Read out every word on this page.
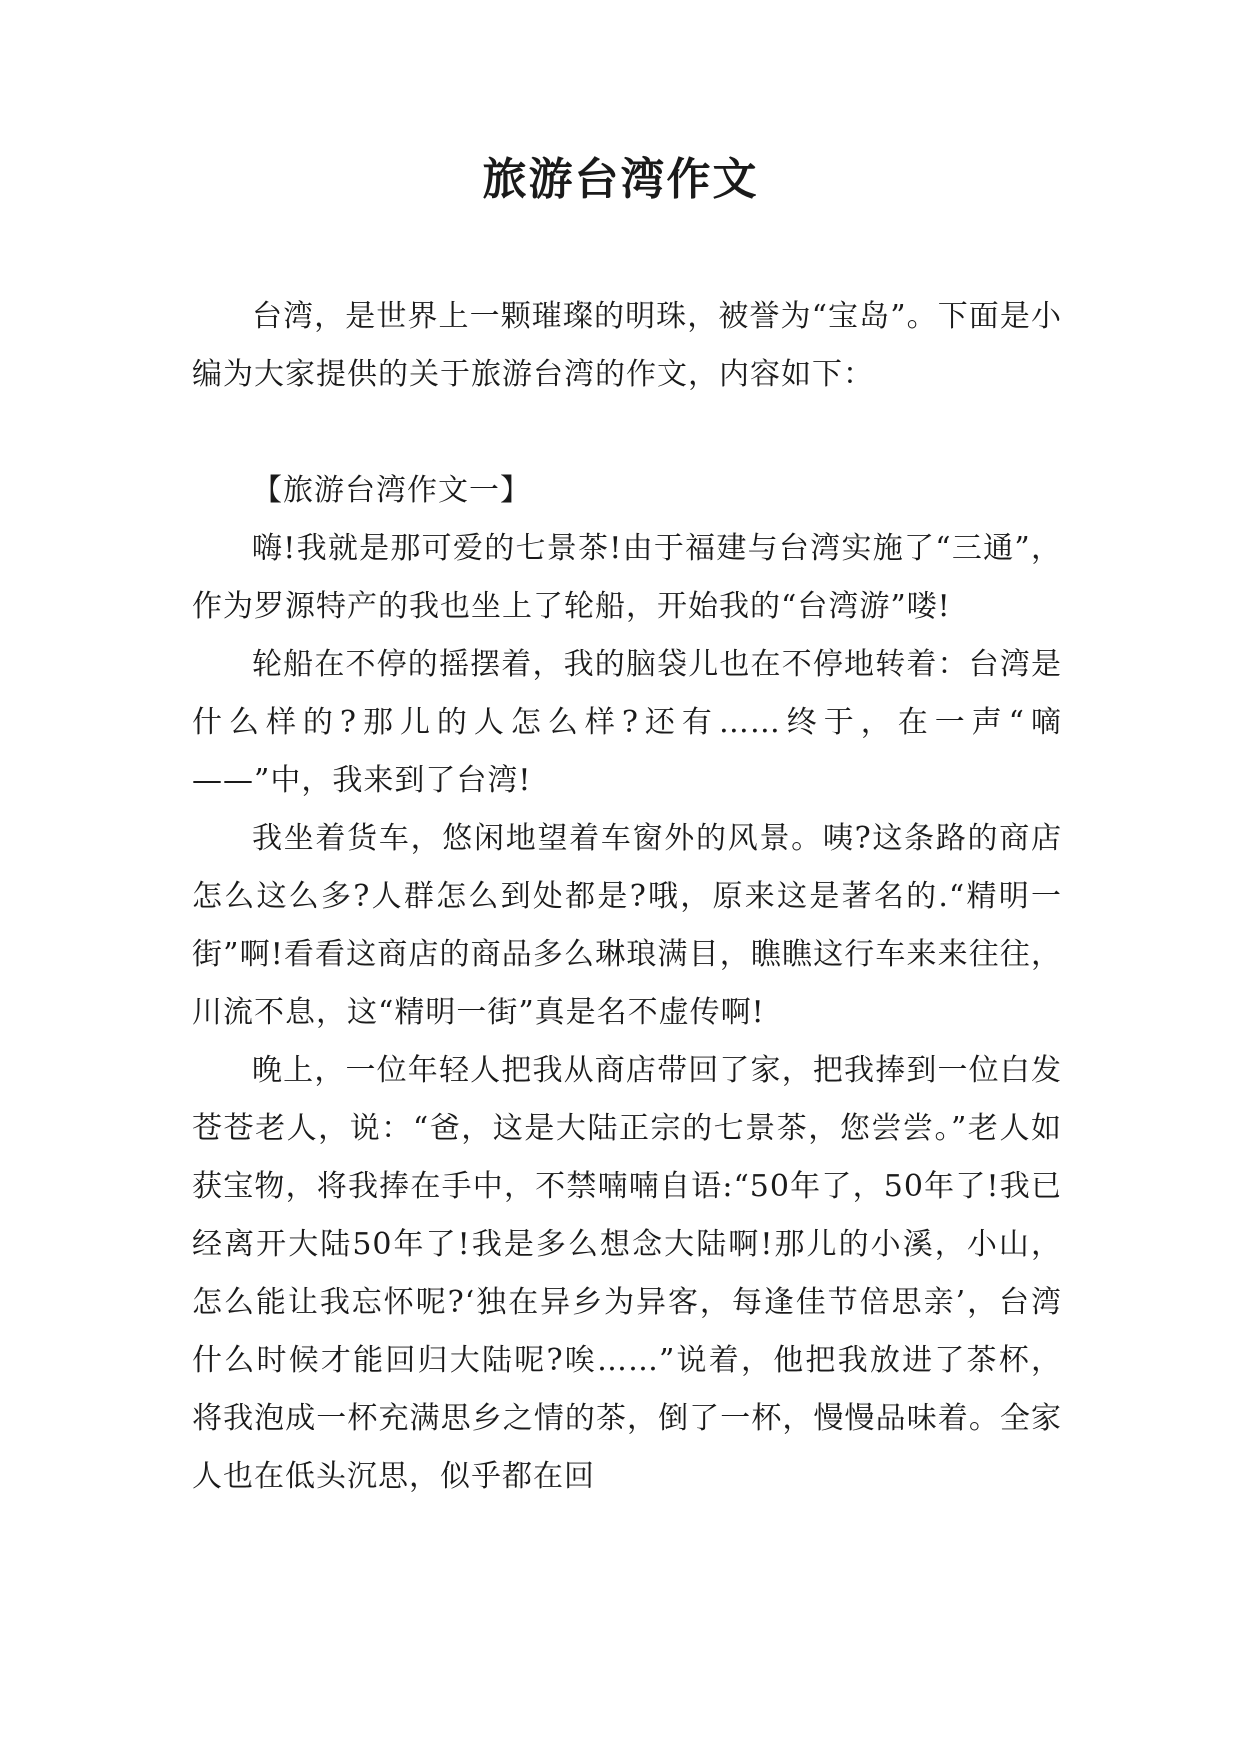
旅游台湾作文

台湾，是世界上一颗璀璨的明珠，被誉为“宝岛”。下面是小编为大家提供的关于旅游台湾的作文，内容如下：

【旅游台湾作文一】

嗨!我就是那可爱的七景茶!由于福建与台湾实施了“三通”，作为罗源特产的我也坐上了轮船，开始我的“台湾游”喽!

轮船在不停的摇摆着，我的脑袋儿也在不停地转着：台湾是什么样的?那儿的人怎么样?还有……终于，在一声“嘀——”中，我来到了台湾!

我坐着货车，悠闲地望着车窗外的风景。咦?这条路的商店怎么这么多?人群怎么到处都是?哦，原来这是著名的.“精明一街”啊!看看这商店的商品多么琳琅满目，瞧瞧这行车来来往往，川流不息，这“精明一街”真是名不虚传啊!

晚上，一位年轻人把我从商店带回了家，把我捧到一位白发苍苍老人，说：“爸，这是大陆正宗的七景茶，您尝尝。”老人如获宝物，将我捧在手中，不禁喃喃自语:“50年了，50年了!我已经离开大陆50年了!我是多么想念大陆啊!那儿的小溪，小山，怎么能让我忘怀呢?‘独在异乡为异客，每逢佳节倍思亲’，台湾什么时候才能回归大陆呢?唉……”说着，他把我放进了茶杯，将我泡成一杯充满思乡之情的茶，倒了一杯，慢慢品味着。全家人也在低头沉思，似乎都在回
